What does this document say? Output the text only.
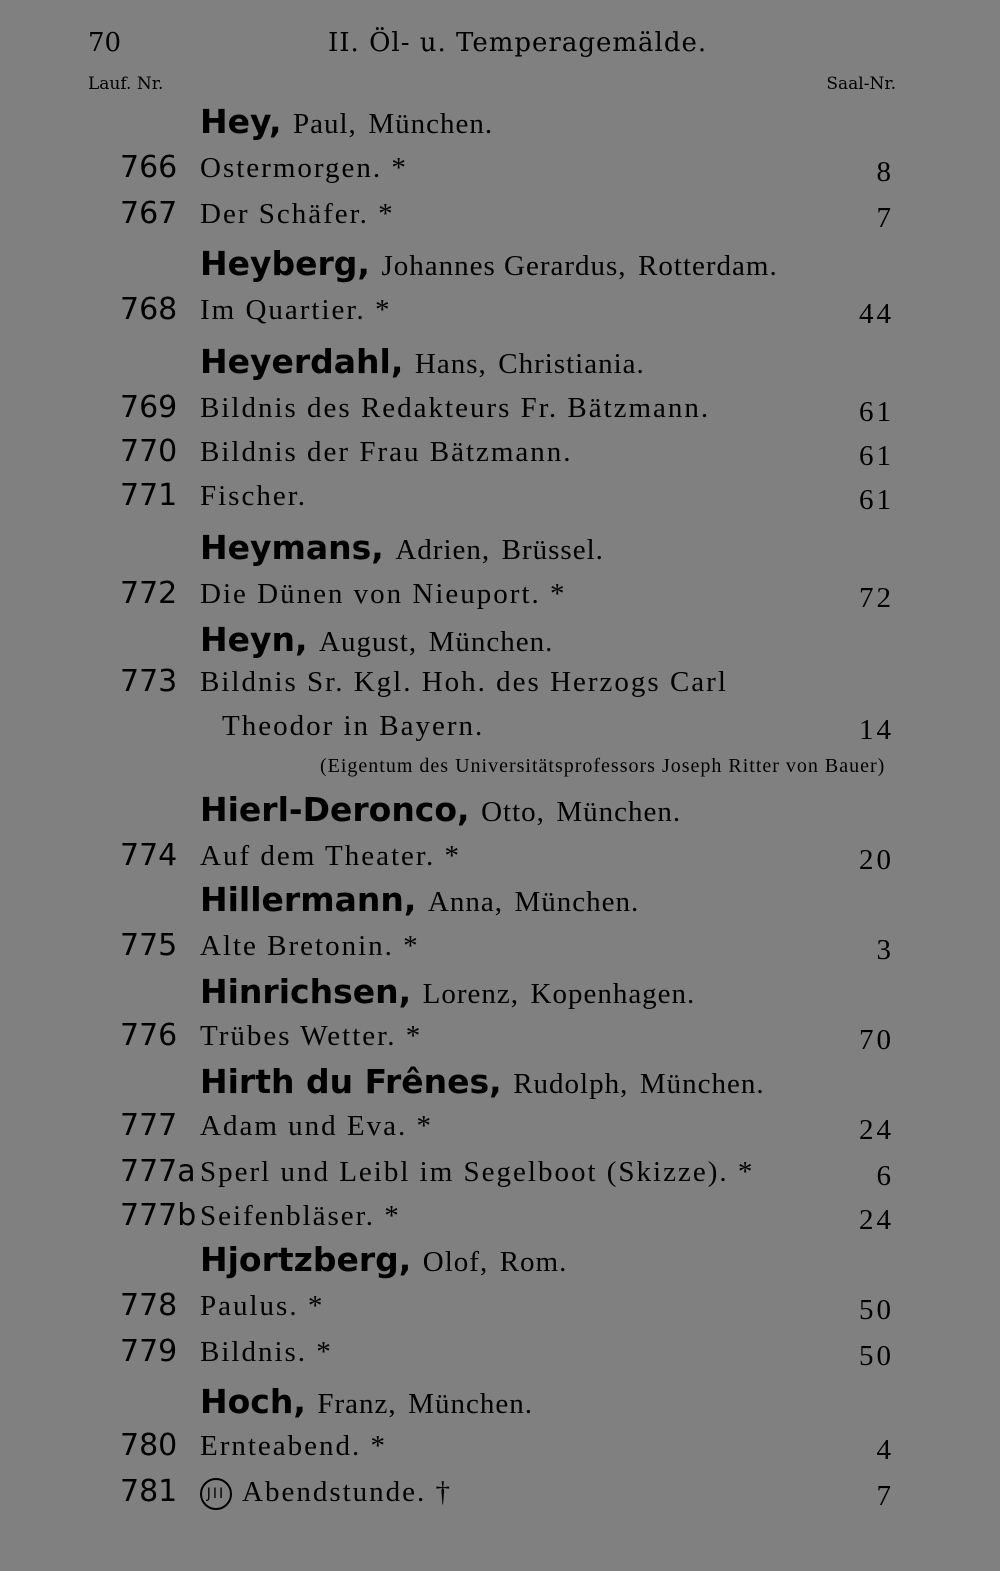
70	II. Öl- u. Temperagemälde.
Lauf. Nr.	Saal-Nr.
Hey, Paul, München.
766 Ostermorgen. *	8
767 Der Schäfer. *	7
Heyberg, Johannes Gerardus, Rotterdam.
768 Im Quartier. *	44
Heyerdahl, Hans, Christiania.
769 Bildnis des Redakteurs Fr. Bätzmann.	61
770 Bildnis der Frau Bätzmann.	61
771 Fischer.	61
Heymans, Adrien, Brüssel.
772 Die Dünen von Nieuport. *	72
Heyn, August, München.
773 Bildnis Sr. Kgl. Hoh. des Herzogs Carl
Theodor in Bayern.	14
(Eigentum des Universitätsprofessors Joseph Ritter von Bauer)
Hierl-Deronco, Otto, München.
774 Auf dem Theater. *	20
Hillermann, Anna, München.
775 Alte Bretonin. *	3
Hinrichsen, Lorenz, Kopenhagen.
776 Trübes Wetter. *	70
Hirth du Frênes, Rudolph, München.
777 Adam und Eva. *	24
777a Sperl und Leibl im Segelboot (Skizze). *	6
777b Seifenbläser. *	24
Hjortzberg, Olof, Rom.
778 Paulus. *	50
779 Bildnis. *	50
Hoch, Franz, München.
780 Ernteabend. *	4
781	JII Abendstunde. †	7
